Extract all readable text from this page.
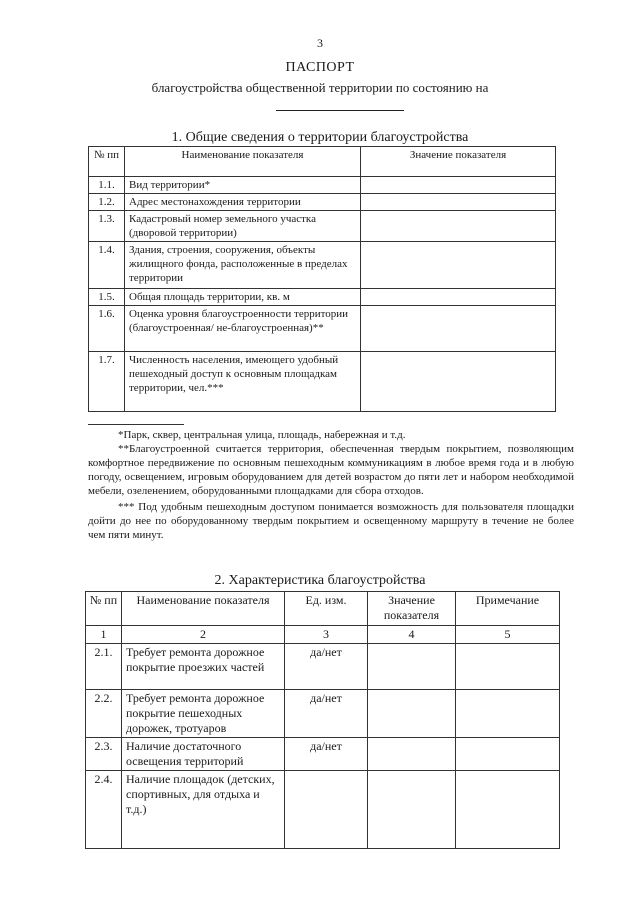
3
ПАСПОРТ
благоустройства общественной территории по состоянию на
1. Общие сведения о территории благоустройства
№ пп	Наименование показателя	Значение показателя
1.1.	Вид территории*	
1.2.	Адрес местонахождения территории	
1.3.	Кадастровый номер земельного участка (дворовой территории)	
1.4.	Здания, строения, сооружения, объекты жилищного фонда, расположенные в пределах территории	
1.5.	Общая площадь территории, кв. м	
1.6.	Оценка уровня благоустроенности территории (благоустроенная/ не-благоустроенная)**	
1.7.	Численность населения, имеющего удобный пешеходный доступ к основным площадкам территории, чел.***	

*Парк, сквер, центральная улица, площадь, набережная и т.д.

**Благоустроенной считается территория, обеспеченная твердым покрытием, позволяющим комфортное передвижение по основным пешеходным коммуникациям в любое время года и в любую погоду, освещением, игровым оборудованием для детей возрастом до пяти лет и набором необходимой мебели, озеленением, оборудованными площадками для сбора отходов.

*** Под удобным пешеходным доступом понимается возможность для пользователя площадки дойти до нее по оборудованному твердым покрытием и освещенному маршруту в течение не более чем пяти минут.

2. Характеристика благоустройства
№ пп	Наименование показателя	Ед. изм.	Значение показателя	Примечание
1	2	3	4	5
2.1.	Требует ремонта дорожное покрытие проезжих частей	да/нет		
2.2.	Требует ремонта дорожное покрытие пешеходных дорожек, тротуаров	да/нет		
2.3.	Наличие достаточного освещения территорий	да/нет		
2.4.	Наличие площадок (детских, спортивных, для отдыха и т.д.)			
